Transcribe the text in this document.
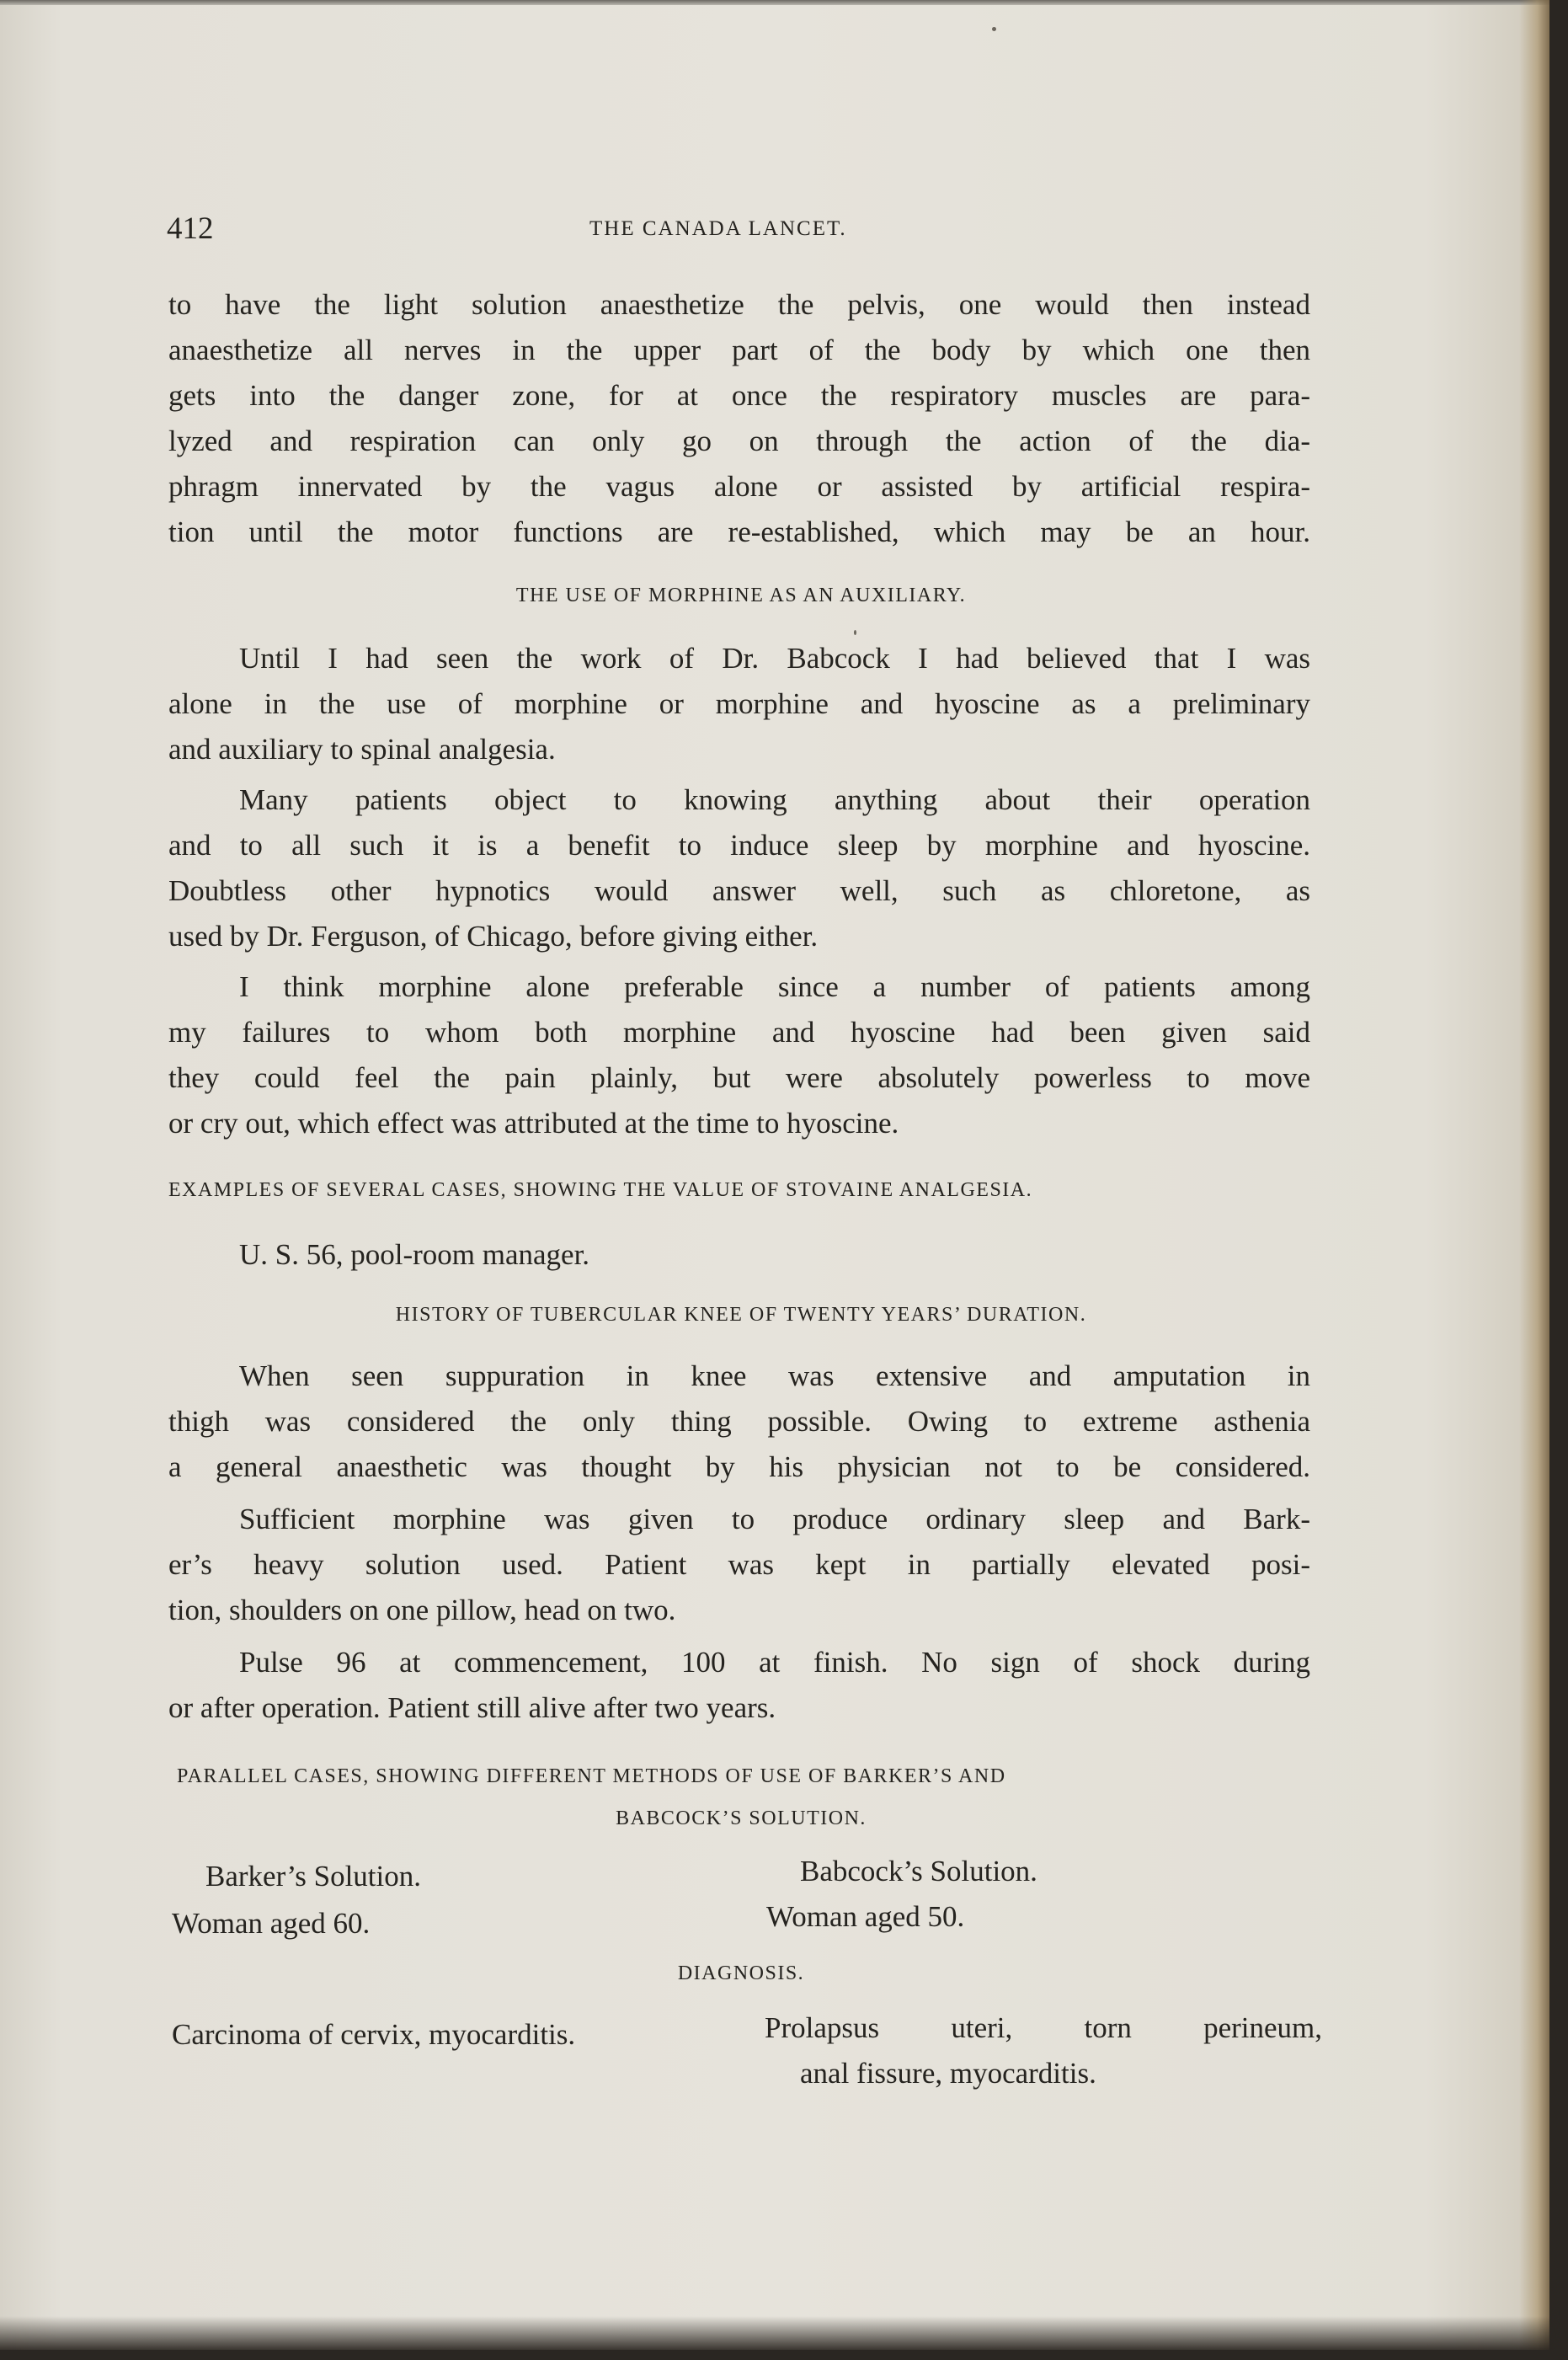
412	THE CANADA LANCET.
to have the light solution anaesthetize the pelvis, one would then instead
anaesthetize all nerves in the upper part of the body by which one then
gets into the danger zone, for at once the respiratory muscles are para-
lyzed and respiration can only go on through the action of the dia-
phragm innervated by the vagus alone or assisted by artificial respira-
tion until the motor functions are re-established, which may be an hour.
THE USE OF MORPHINE AS AN AUXILIARY.
Until I had seen the work of Dr. Babcock I had believed that I was
alone in the use of morphine or morphine and hyoscine as a preliminary
and auxiliary to spinal analgesia.
Many patients object to knowing anything about their operation
and to all such it is a benefit to induce sleep by morphine and hyoscine.
Doubtless other hypnotics would answer well, such as chloretone, as
used by Dr. Ferguson, of Chicago, before giving either.
I think morphine alone preferable since a number of patients among
my failures to whom both morphine and hyoscine had been given said
they could feel the pain plainly, but were absolutely powerless to move
or cry out, which effect was attributed at the time to hyoscine.
EXAMPLES OF SEVERAL CASES, SHOWING THE VALUE OF STOVAINE ANALGESIA.
U. S. 56, pool-room manager.
HISTORY OF TUBERCULAR KNEE OF TWENTY YEARS’ DURATION.
When seen suppuration in knee was extensive and amputation in
thigh was considered the only thing possible. Owing to extreme asthenia
a general anaesthetic was thought by his physician not to be considered.
Sufficient morphine was given to produce ordinary sleep and Bark-
er’s heavy solution used. Patient was kept in partially elevated posi-
tion, shoulders on one pillow, head on two.
Pulse 96 at commencement, 100 at finish. No sign of shock during
or after operation. Patient still alive after two years.
PARALLEL CASES, SHOWING DIFFERENT METHODS OF USE OF BARKER’S AND
BABCOCK’S SOLUTION.
Barker’s Solution.	Babcock’s Solution.
Woman aged 60.	Woman aged 50.
DIAGNOSIS.
Carcinoma of cervix, myocarditis.	Prolapsus uteri, torn perineum,
anal fissure, myocarditis.
